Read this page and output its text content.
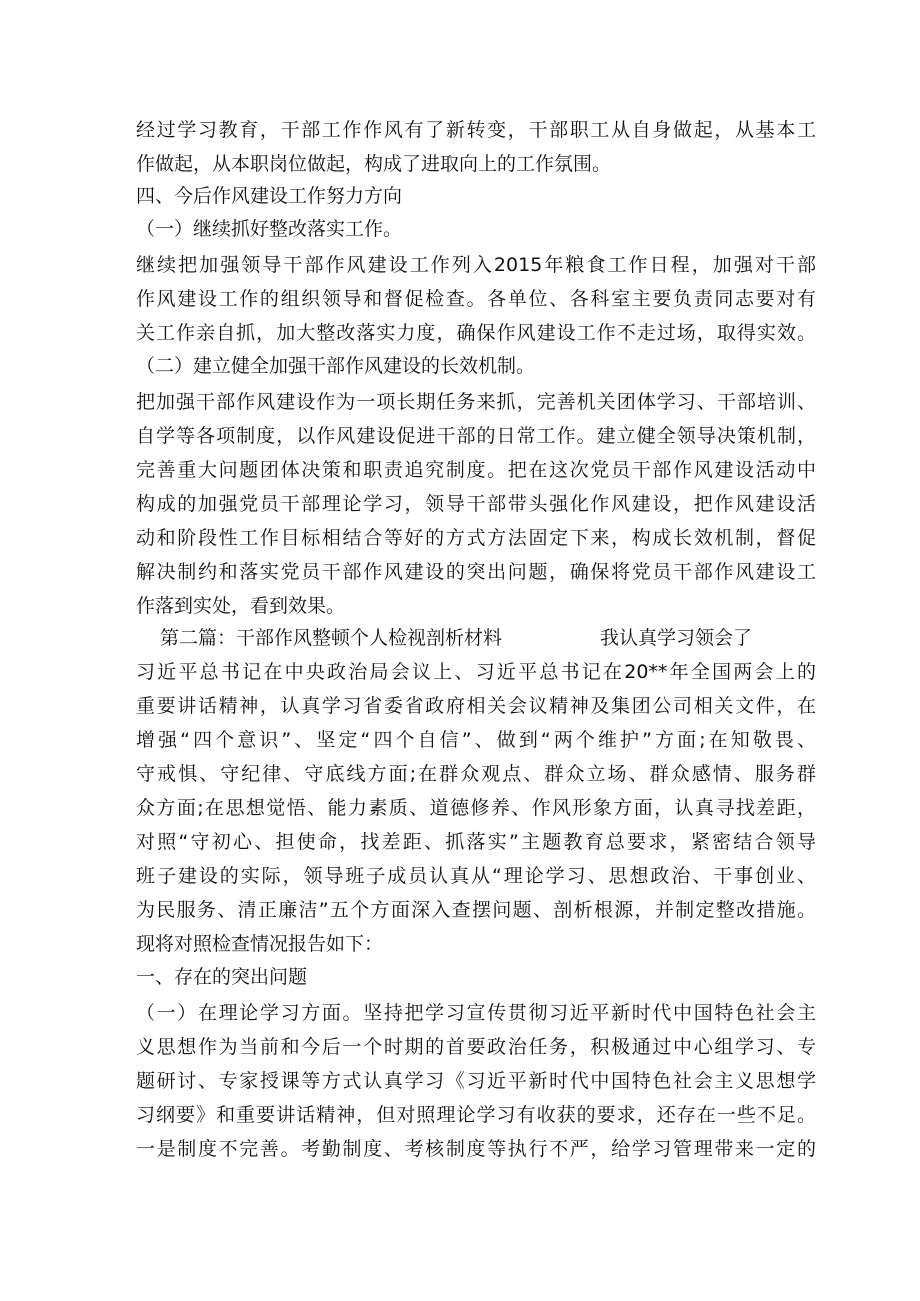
经过学习教育，干部工作作风有了新转变，干部职工从自身做起，从基本工
作做起，从本职岗位做起，构成了进取向上的工作氛围。
四、今后作风建设工作努力方向
（一）继续抓好整改落实工作。
继续把加强领导干部作风建设工作列入2015年粮食工作日程，加强对干部
作风建设工作的组织领导和督促检查。各单位、各科室主要负责同志要对有
关工作亲自抓，加大整改落实力度，确保作风建设工作不走过场，取得实效。
（二）建立健全加强干部作风建设的长效机制。
把加强干部作风建设作为一项长期任务来抓，完善机关团体学习、干部培训、
自学等各项制度，以作风建设促进干部的日常工作。建立健全领导决策机制，
完善重大问题团体决策和职责追究制度。把在这次党员干部作风建设活动中
构成的加强党员干部理论学习，领导干部带头强化作风建设，把作风建设活
动和阶段性工作目标相结合等好的方式方法固定下来，构成长效机制，督促
解决制约和落实党员干部作风建设的突出问题，确保将党员干部作风建设工
作落到实处，看到效果。
第二篇：干部作风整顿个人检视剖析材料	我认真学习领会了
习近平总书记在中央政治局会议上、习近平总书记在20**年全国两会上的
重要讲话精神，认真学习省委省政府相关会议精神及集团公司相关文件，在
增强“四个意识”、坚定“四个自信”、做到“两个维护”方面;在知敬畏、
守戒惧、守纪律、守底线方面;在群众观点、群众立场、群众感情、服务群
众方面;在思想觉悟、能力素质、道德修养、作风形象方面，认真寻找差距，
对照“守初心、担使命，找差距、抓落实”主题教育总要求，紧密结合领导
班子建设的实际，领导班子成员认真从“理论学习、思想政治、干事创业、
为民服务、清正廉洁”五个方面深入查摆问题、剖析根源，并制定整改措施。
现将对照检查情况报告如下：
一、存在的突出问题
（一）在理论学习方面。坚持把学习宣传贯彻习近平新时代中国特色社会主
义思想作为当前和今后一个时期的首要政治任务，积极通过中心组学习、专
题研讨、专家授课等方式认真学习《习近平新时代中国特色社会主义思想学
习纲要》和重要讲话精神，但对照理论学习有收获的要求，还存在一些不足。
一是制度不完善。考勤制度、考核制度等执行不严，给学习管理带来一定的
